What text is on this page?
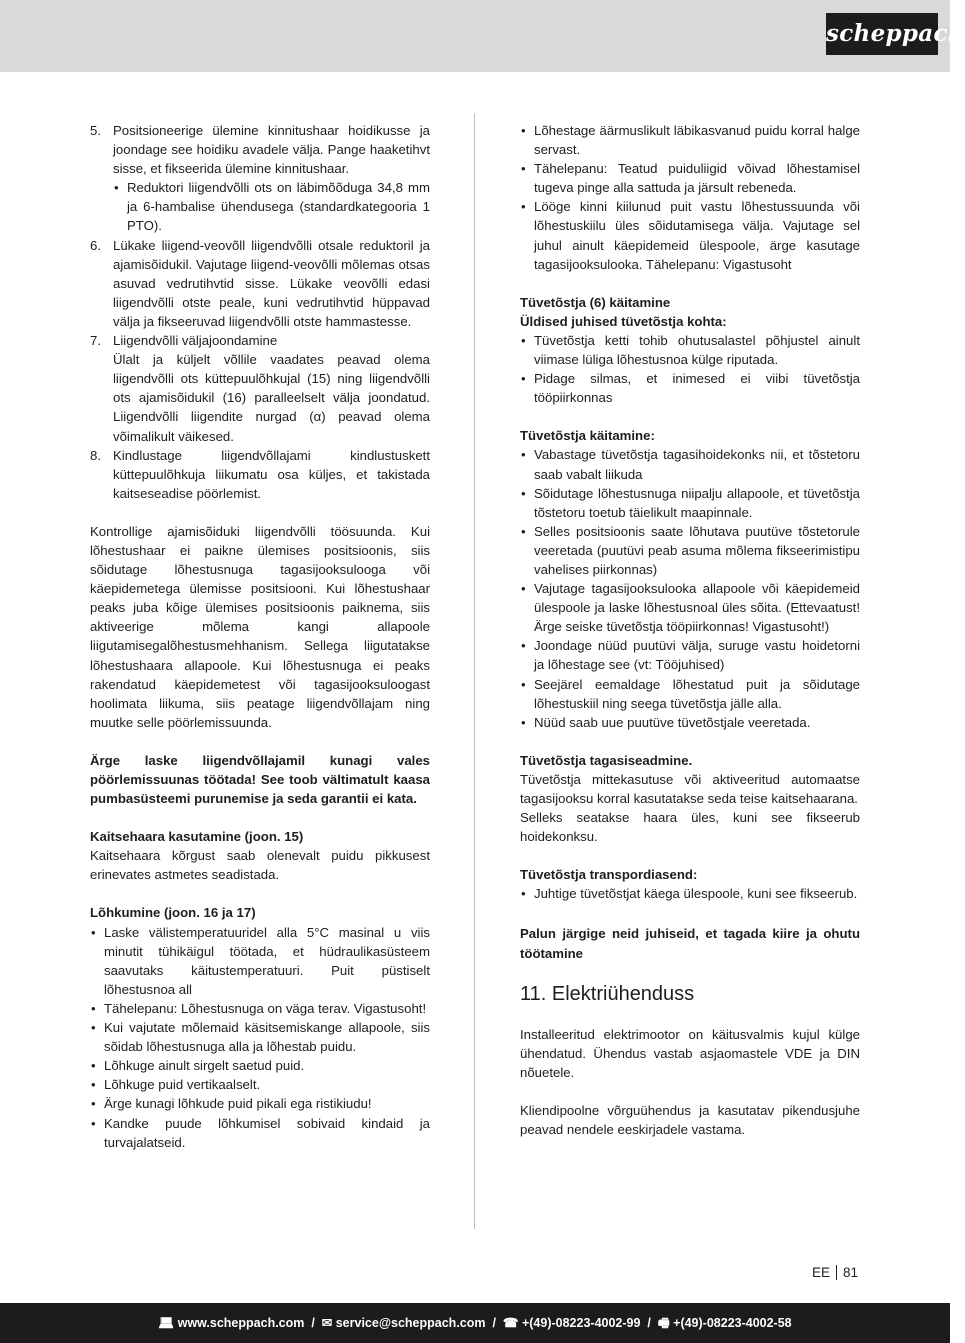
scheppach
5. Positsioneerige ülemine kinnitushaar hoidikusse ja joondage see hoidiku avadele välja. Pange haaketihvt sisse, et fikseerida ülemine kinnitushaar.
• Reduktori liigendvõlli ots on läbimõõduga 34,8 mm ja 6-hambalise ühendusega (standardkategooria 1 PTO).
6. Lükake liigend-veovõll liigendvõlli otsale reduktoril ja ajamisõidukil. Vajutage liigend-veovõlli mõlemas otsas asuvad vedrutihvtid sisse. Lükake veovõlli edasi liigendvõlli otste peale, kuni vedrutihvtid hüppavad välja ja fikseeruvad liigendvõlli otste hammastesse.
7. Liigendvõlli väljajoondamine
Ülalt ja küljelt võllile vaadates peavad olema liigendvõlli ots küttepuulõhkujal (15) ning liigendvõlli ots ajamisõidukil (16) paralleelselt välja joondatud. Liigendvõlli liigendite nurgad (α) peavad olema võimalikult väikesed.
8. Kindlustage liigendvõllajami kindlustuskett küttepuulõhkuja liikumatu osa küljes, et takistada kaitseseadise pöörlemist.

Kontrollige ajamisõiduki liigendvõlli töösuunda. Kui lõhestushaar ei paikne ülemises positsioonis, siis sõidutage lõhestusnuga tagasijooksulooga või käepidemetega ülemisse positsiooni. Kui lõhestushaar peaks juba kõige ülemises positsioonis paiknema, siis aktiveerige mõlema kangi allapoole liigutamisegalõhestusmehhanism. Sellega liigutatakse lõhestushaara allapoole. Kui lõhestusnuga ei peaks rakendatud käepidemetest või tagasijooksuloogast hoolimata liikuma, siis peatage liigendvõllajam ning muutke selle pöörlemissuunda.

Ärge laske liigendvõllajamil kunagi vales pöörlemissuunas töötada! See toob vältimatult kaasa pumbasüsteemi purunemise ja seda garantii ei kata.

Kaitsehaara kasutamine (joon. 15)

Kaitsehaara kõrgust saab olenevalt puidu pikkusest erinevates astmetes seadistada.

Lõhkumine (joon. 16 ja 17)

• Laske välistemperatuuridel alla 5°C masinal u viis minutit tühikäigul töötada, et hüdraulikasüsteem saavutaks käitustemperatuuri. Puit püstiselt lõhestusnoa all
• Tähelepanu: Lõhestusnuga on väga terav. Vigastusoht!
• Kui vajutate mõlemaid käsitsemiskange allapoole, siis sõidab lõhestusnuga alla ja lõhestab puidu.
• Lõhkuge ainult sirgelt saetud puid.
• Lõhkuge puid vertikaalselt.
• Ärge kunagi lõhkude puid pikali ega ristikiudu!
• Kandke puude lõhkumisel sobivaid kindaid ja turvajalatseid.
• Lõhestage äärmuslikult läbikasvanud puidu korral halge servast.
• Tähelepanu: Teatud puiduliigid võivad lõhestamisel tugeva pinge alla sattuda ja järsult rebeneda.
• Lööge kinni kiilunud puit vastu lõhestussuunda või lõhestuskiilu üles sõidutamisega välja. Vajutage sel juhul ainult käepidemeid ülespoole, ärge kasutage tagasijooksulooka. Tähelepanu: Vigastusoht

Tüvetõstja (6) käitamine

Üldised juhised tüvetõstja kohta:

• Tüvetõstja ketti tohib ohutusalastel põhjustel ainult viimase lüliga lõhestusnoa külge riputada.
• Pidage silmas, et inimesed ei viibi tüvetõstja tööpiirkonnas

Tüvetõstja käitamine:

• Vabastage tüvetõstja tagasihoidekonks nii, et tõstetoru saab vabalt liikuda
• Sõidutage lõhestusnuga niipalju allapoole, et tüvetõstja tõstetoru toetub täielikult maapinnale.
• Selles positsioonis saate lõhutava puutüve tõstetorule veeretada (puutüvi peab asuma mõlema fikseerimistipu vahelises piirkonnas)
• Vajutage tagasijooksulooka allapoole või käepidemeid ülespoole ja laske lõhestusnoal üles sõita. (Ettevaatust! Ärge seiske tüvetõstja tööpiirkonnas! Vigastusoht!)
• Joondage nüüd puutüvi välja, suruge vastu hoidetorni ja lõhestage see (vt: Tööjuhised)
• Seejärel eemaldage lõhestatud puit ja sõidutage lõhestuskiil ning seega tüvetõstja jälle alla.
• Nüüd saab uue puutüve tüvetõstjale veeretada.

Tüvetõstja tagasiseadmine.

Tüvetõstja mittekasutuse või aktiveeritud automaatse tagasijooksu korral kasutatakse seda teise kaitsehaarana.

Selleks seatakse haara üles, kuni see fikseerub hoidekonksu.

Tüvetõstja transpordiasend:

• Juhtige tüvetõstjat käega ülespoole, kuni see fikseerub.

Palun järgige neid juhiseid, et tagada kiire ja ohutu töötamine

11. Elektriühenduss

Installeeritud elektrimootor on käitusvalmis kujul külge ühendatud. Ühendus vastab asjaomastele VDE ja DIN nõuetele.

Kliendipoolne võrguühendus ja kasutatav pikendusjuhe peavad nendele eeskirjadele vastama.

EE 81
💻︎ www.scheppach.com  /  ✉︎ service@scheppach.com  /  ☎︎ +(49)-08223-4002-99  /  🖷︎ +(49)-08223-4002-58
